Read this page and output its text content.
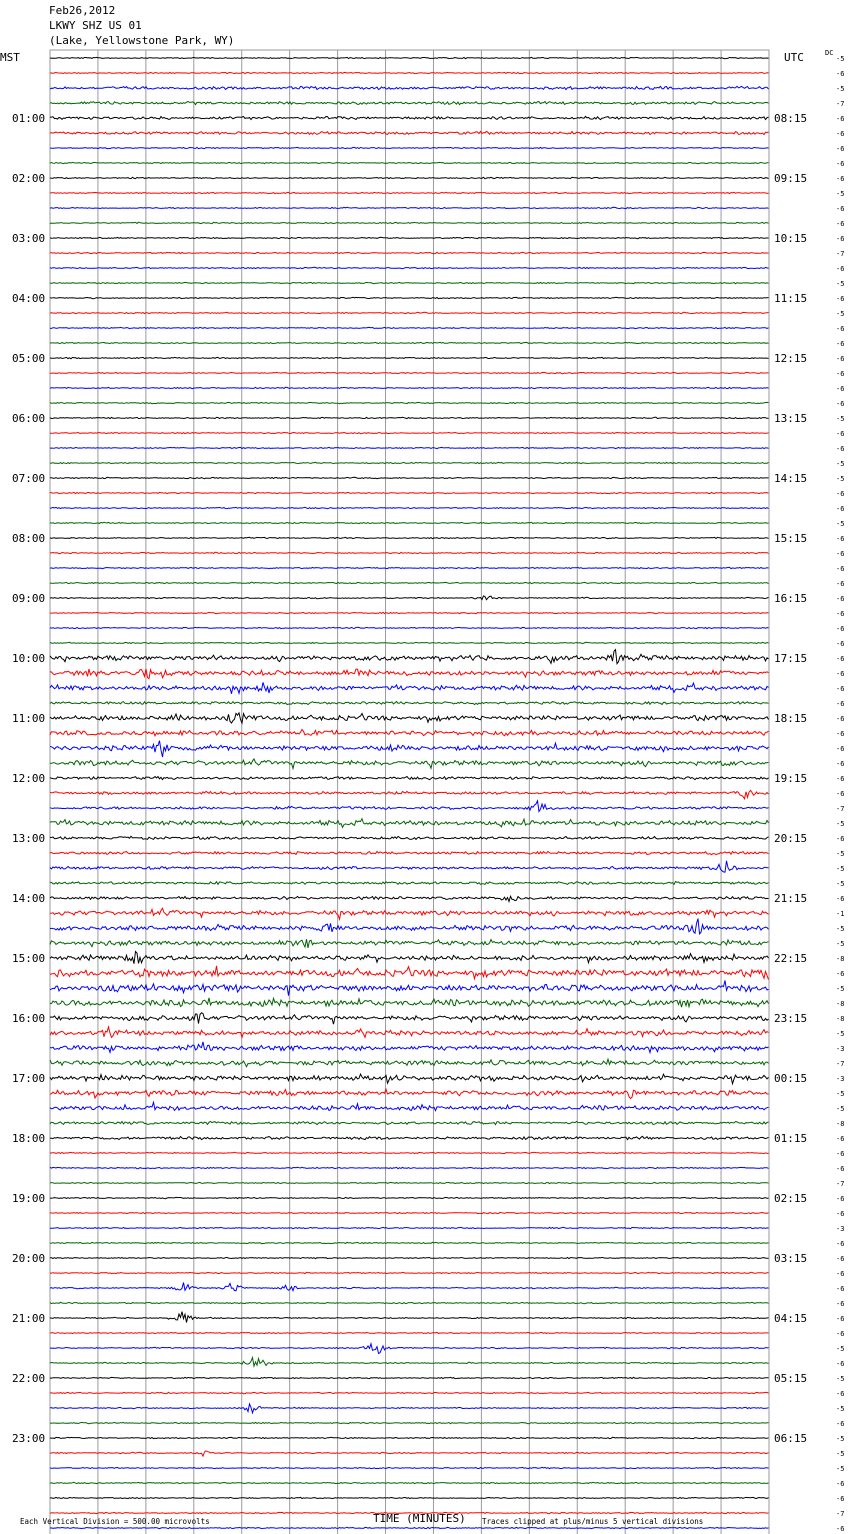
Feb26,2012
LKWY SHZ US 01
(Lake, Yellowstone Park, WY)
-5
-6
-5
-7
-6
01:00	08:15
-6
-6
-6
-6
02:00	09:15
-5
-6
-6
-6
03:00	10:15
-7
-6
-5
-6
04:00	11:15
-5
-6
-6
-6
05:00	12:15
-6
-6
-6
-5
06:00	13:15
-6
-6
-5
-5
07:00	14:15
-6
-6
-5
-6
08:00	15:15
-6
-6
-6
-6
09:00	16:15
-6
-6
-6
-6
10:00	17:15
-6
-6
-6
-6
11:00	18:15
-6
-6
-6
-6
12:00	19:15
-6
-7
-5
-6
13:00	20:15
-5
-5
-5
-6
14:00	21:15
-1
-5
-5
-8
15:00	22:15
-6
-5
-8
-8
16:00	23:15
-5
-3
-7
-3
17:00	00:15
-5
-5
-8
-6
18:00	01:15
-6
-6
-7
-6
19:00	02:15
-6
-3
-6
-6
20:00	03:15
-6
-6
-6
-6
21:00	04:15
-6
-5
-6
-5
22:00	05:15
-6
-5
-6
-5
23:00	06:15
-5
-5
-6
-6
-7
-6
MST	UTC	DC
Each Vertical Division = 500.00 microvolts	TIME (MINUTES) Traces clipped at plus/minus 5 vertical divisions
